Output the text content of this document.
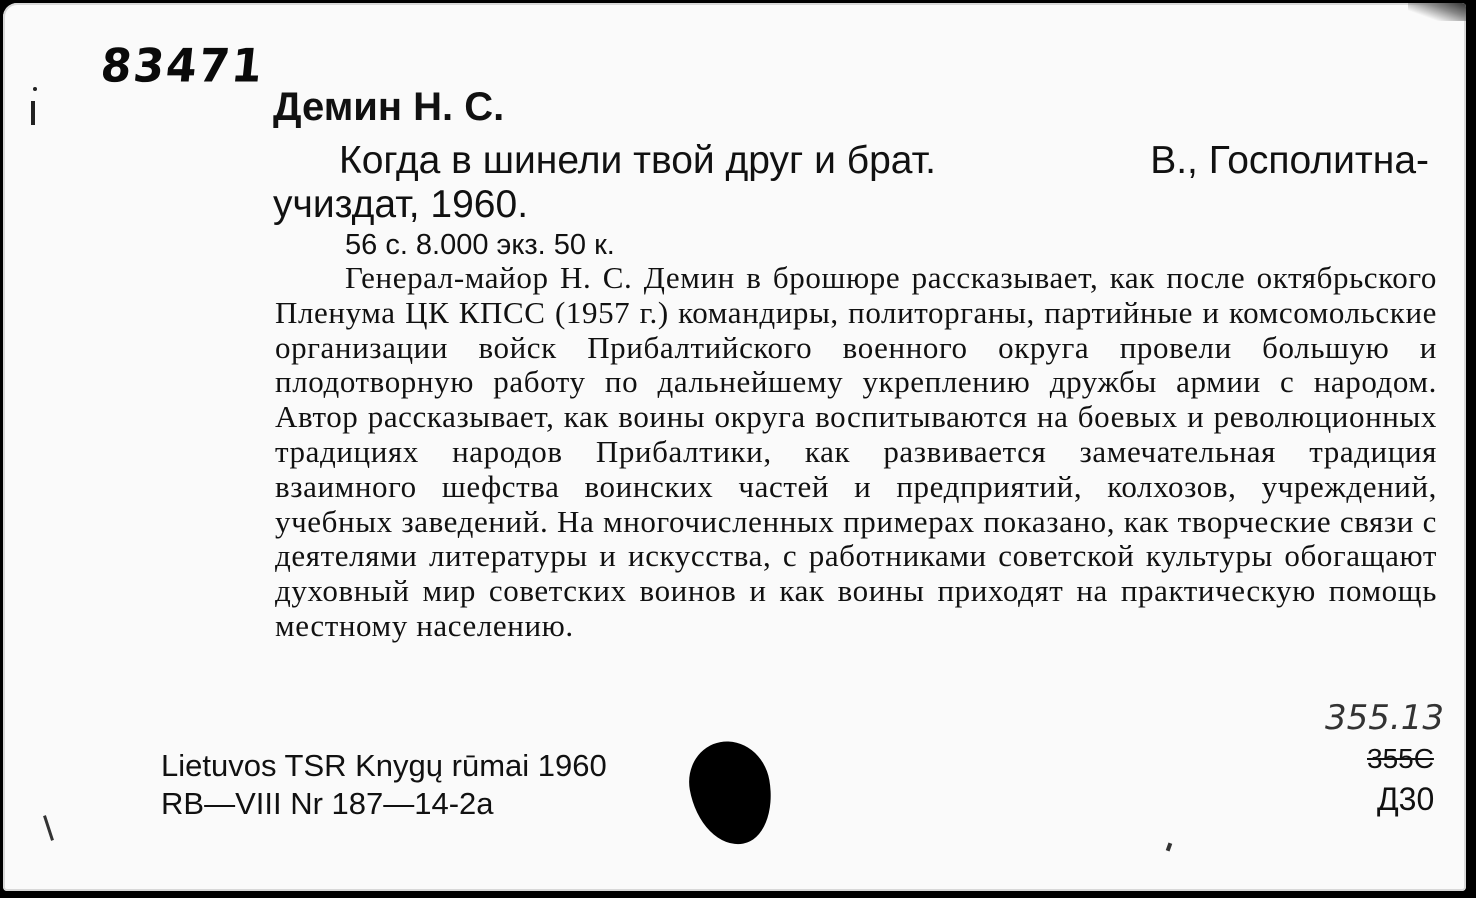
83471
Демин Н. С.
Когда в шинели твой друг и брат.	В., Госполитна-
учиздат, 1960.
56 с. 8.000 экз. 50 к.
Генерал-майор Н. С. Демин в брошюре рассказывает, как после октябрьского Пленума ЦК КПСС (1957 г.) командиры, политорганы, партийные и комсомольские организации войск Прибалтийского военного округа провели большую и плодотворную работу по дальнейшему укреплению дружбы армии с народом. Автор рассказывает, как воины округа воспитываются на боевых и революционных традициях народов Прибалтики, как развивается замечательная традиция взаимного шефства воинских частей и предприятий, колхозов, учреждений, учебных заведений. На многочисленных примерах показано, как творческие связи с деятелями литературы и искусства, с работниками советской культуры обогащают духовный мир советских воинов и как воины приходят на практическую помощь местному населению.
355.13
355С
Д30
Lietuvos TSR Knygų rūmai 1960
RB—VIII Nr 187—14-2a
